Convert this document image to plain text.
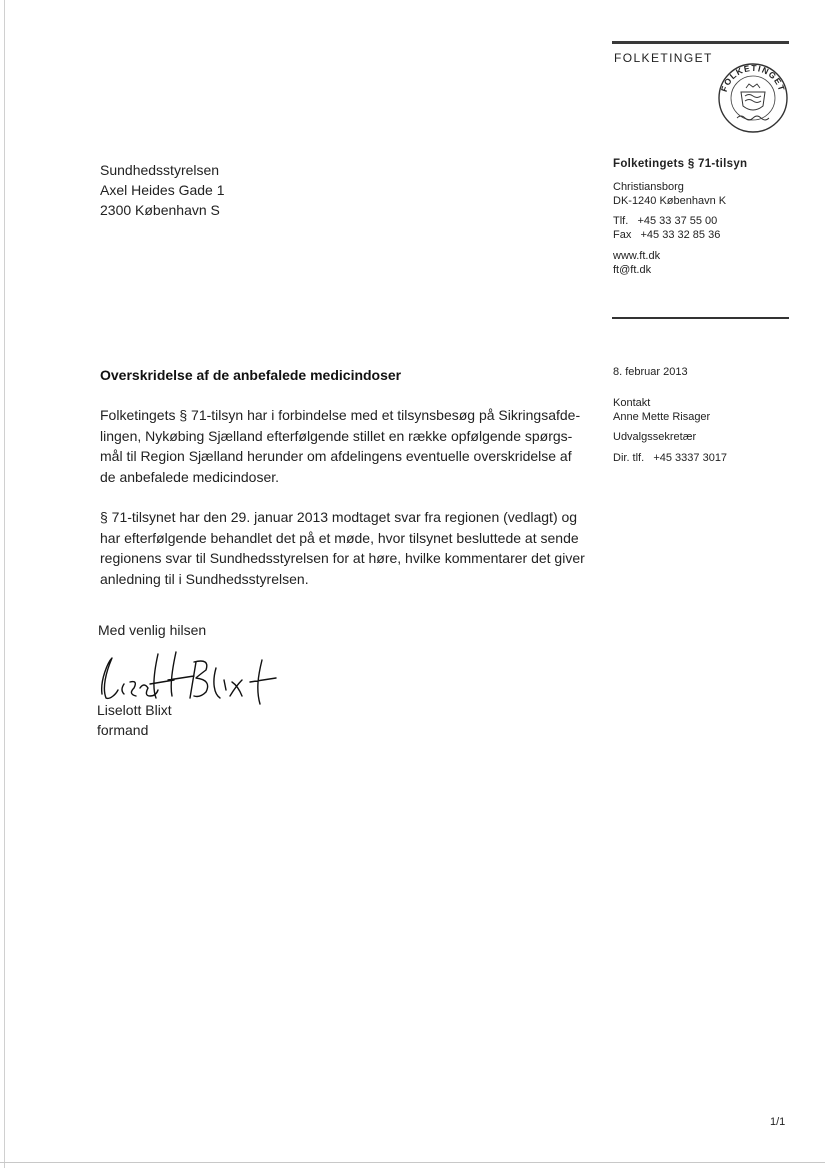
FOLKETINGET
FOLKETINGET
Sundhedsstyrelsen
Axel Heides Gade 1
2300 København S
Folketingets § 71-tilsyn
Christiansborg
DK-1240 København K
Tlf.   +45 33 37 55 00
Fax   +45 33 32 85 36
www.ft.dk
ft@ft.dk
8. februar 2013
Kontakt
Anne Mette Risager
Udvalgssekretær
Dir. tlf.   +45 3337 3017
Overskridelse af de anbefalede medicindoser
Folketingets § 71-tilsyn har i forbindelse med et tilsynsbesøg på Sikringsafde-
lingen, Nykøbing Sjælland efterfølgende stillet en række opfølgende spørgs-
mål til Region Sjælland herunder om afdelingens eventuelle overskridelse af
de anbefalede medicindoser.
§ 71-tilsynet har den 29. januar 2013 modtaget svar fra regionen (vedlagt) og
har efterfølgende behandlet det på et møde, hvor tilsynet besluttede at sende
regionens svar til Sundhedsstyrelsen for at høre, hvilke kommentarer det giver
anledning til i Sundhedsstyrelsen.
Med venlig hilsen
Liselott Blixt
formand
1/1
